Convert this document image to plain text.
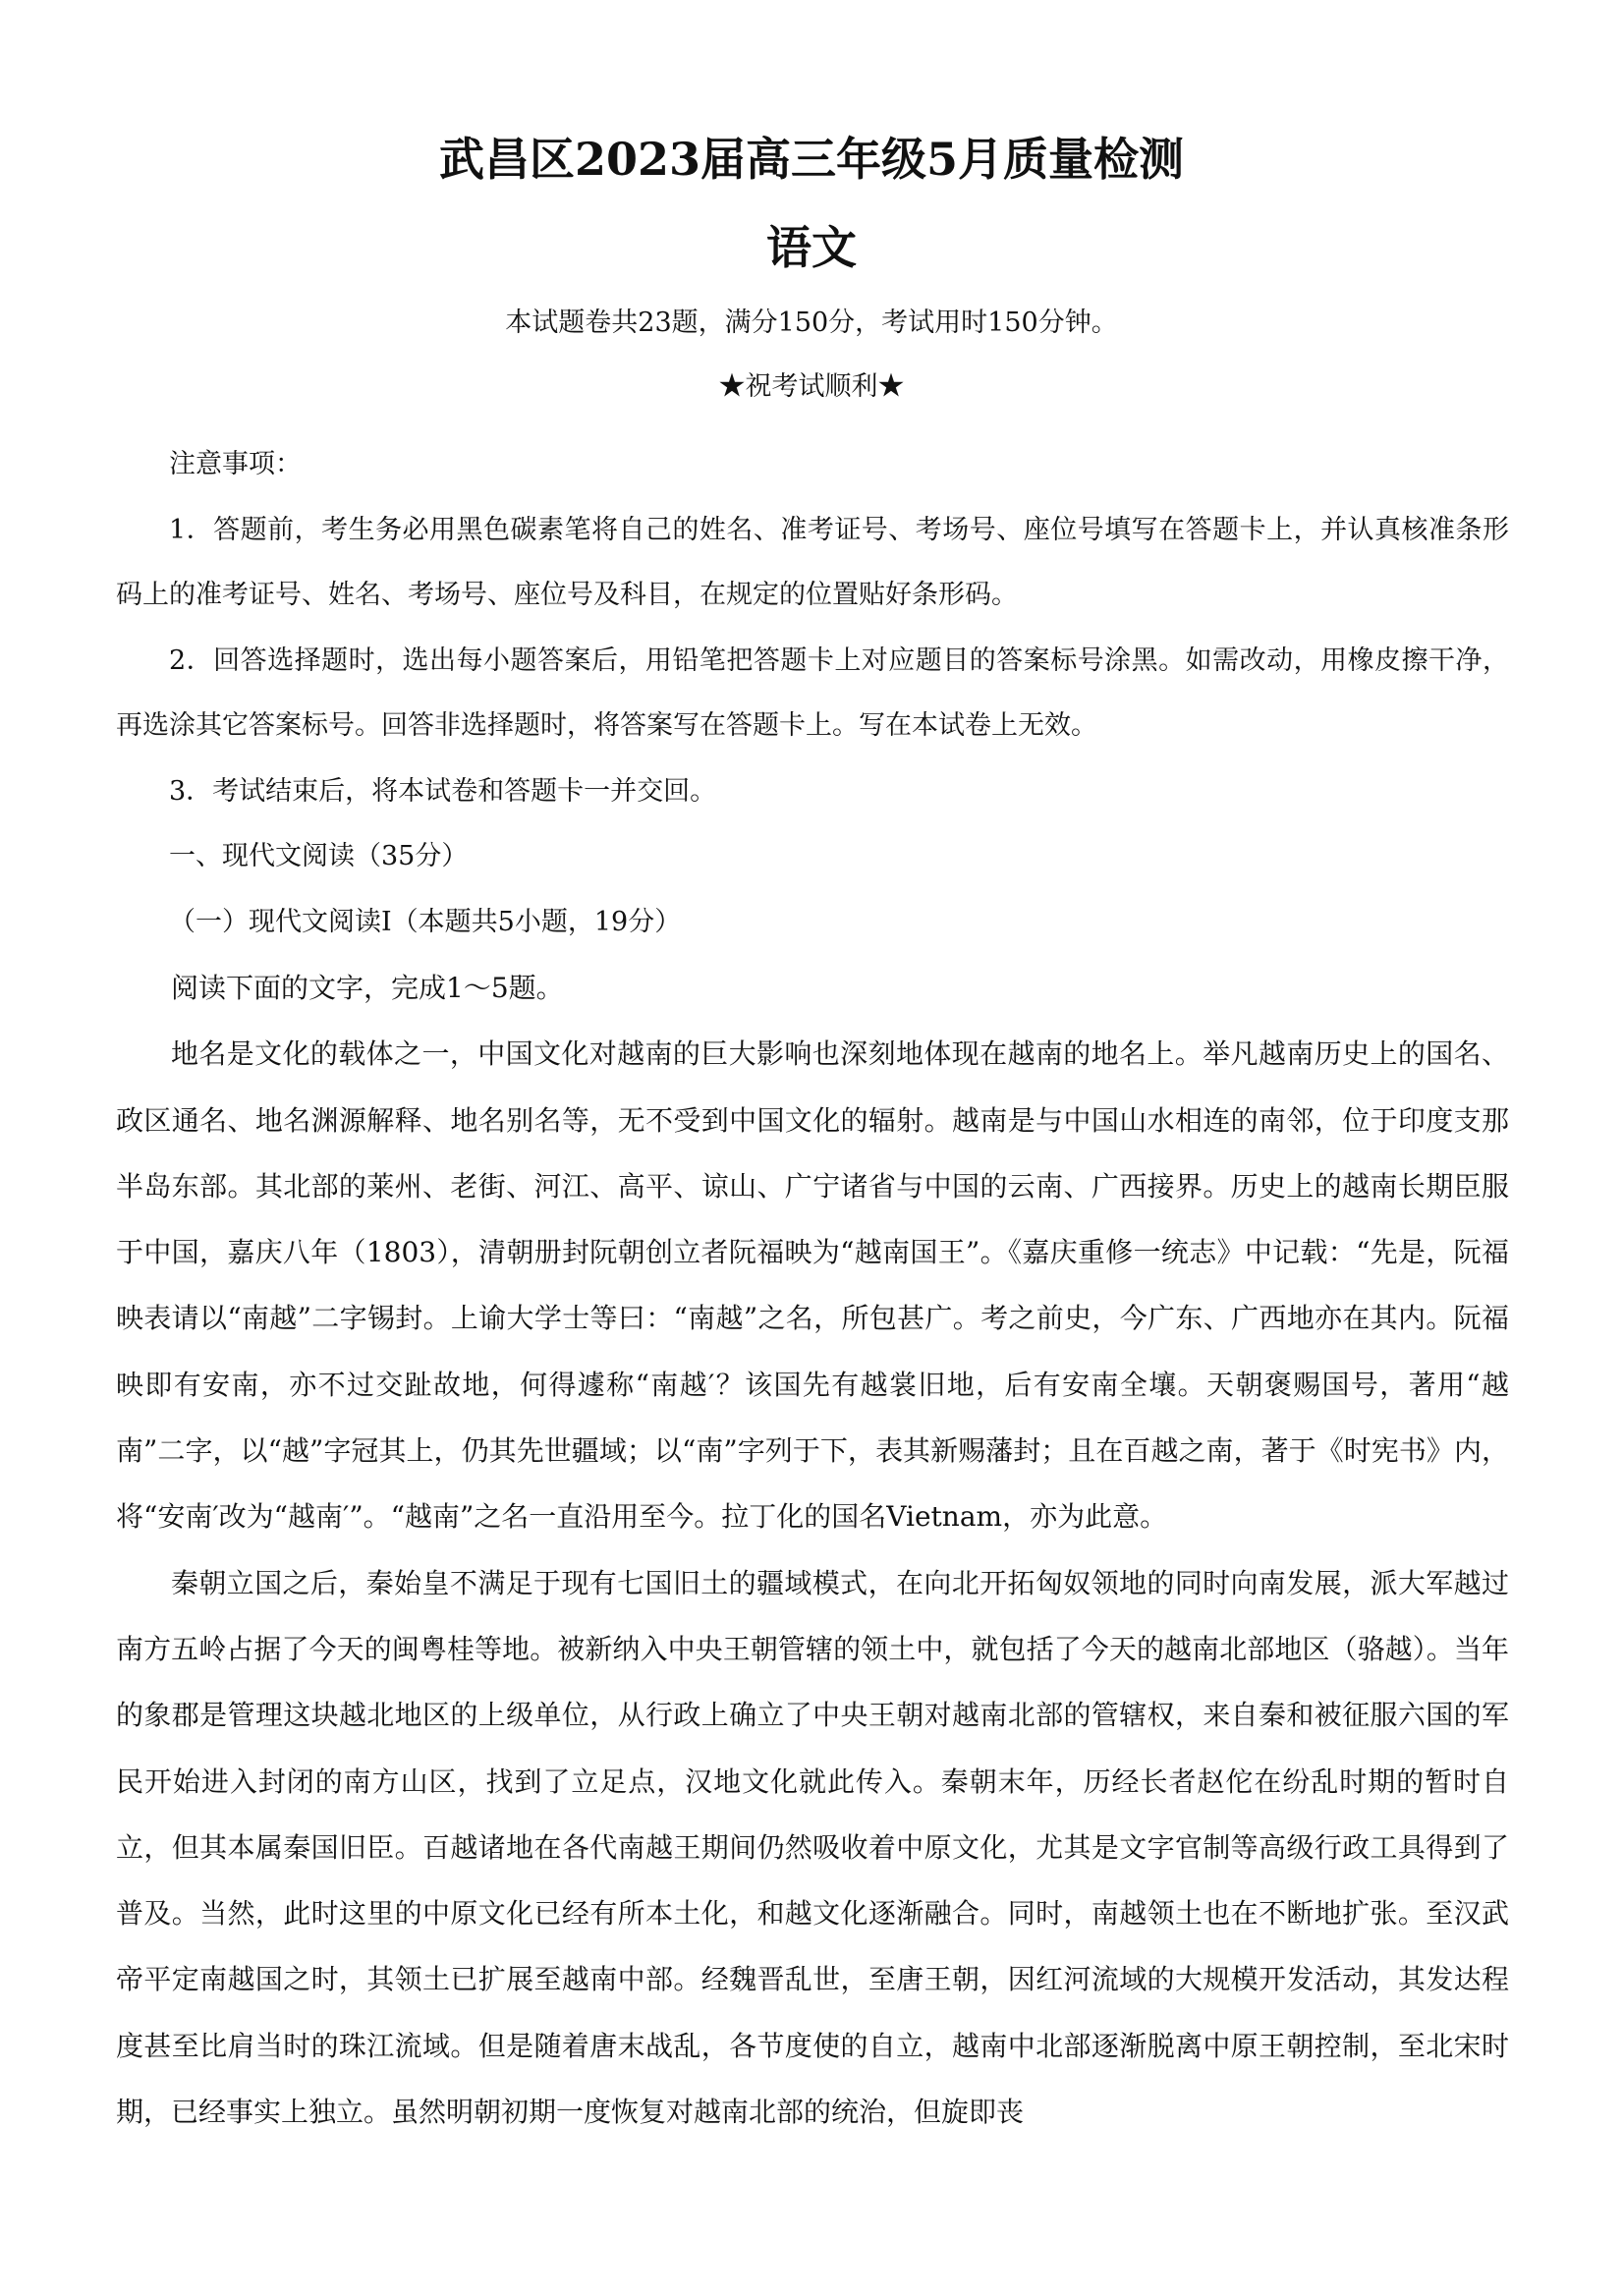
武昌区2023届高三年级5月质量检测
语文
本试题卷共23题，满分150分，考试用时150分钟。
★祝考试顺利★

注意事项：

1．答题前，考生务必用黑色碳素笔将自己的姓名、准考证号、考场号、座位号填写在答题卡上，并认真核准条形码上的准考证号、姓名、考场号、座位号及科目，在规定的位置贴好条形码。

2．回答选择题时，选出每小题答案后，用铅笔把答题卡上对应题目的答案标号涂黑。如需改动，用橡皮擦干净，再选涂其它答案标号。回答非选择题时，将答案写在答题卡上。写在本试卷上无效。

3．考试结束后，将本试卷和答题卡一并交回。

一、现代文阅读（35分）

（一）现代文阅读I（本题共5小题，19分）

阅读下面的文字，完成1～5题。

地名是文化的载体之一，中国文化对越南的巨大影响也深刻地体现在越南的地名上。举凡越南历史上的国名、政区通名、地名渊源解释、地名别名等，无不受到中国文化的辐射。越南是与中国山水相连的南邻，位于印度支那半岛东部。其北部的莱州、老街、河江、高平、谅山、广宁诸省与中国的云南、广西接界。历史上的越南长期臣服于中国，嘉庆八年（1803），清朝册封阮朝创立者阮福映为“越南国王”。《嘉庆重修一统志》中记载：“先是，阮福映表请以“南越”二字锡封。上谕大学士等曰：“南越”之名，所包甚广。考之前史，今广东、广西地亦在其内。阮福映即有安南，亦不过交趾故地，何得遽称“南越′？该国先有越裳旧地，后有安南全壤。天朝褒赐国号，著用“越南”二字，以“越”字冠其上，仍其先世疆域；以“南”字列于下，表其新赐藩封；且在百越之南，著于《时宪书》内，将“安南′改为“越南′”。“越南”之名一直沿用至今。拉丁化的国名Vietnam，亦为此意。

秦朝立国之后，秦始皇不满足于现有七国旧土的疆域模式，在向北开拓匈奴领地的同时向南发展，派大军越过南方五岭占据了今天的闽粤桂等地。被新纳入中央王朝管辖的领土中，就包括了今天的越南北部地区（骆越）。当年的象郡是管理这块越北地区的上级单位，从行政上确立了中央王朝对越南北部的管辖权，来自秦和被征服六国的军民开始进入封闭的南方山区，找到了立足点，汉地文化就此传入。秦朝末年，历经长者赵佗在纷乱时期的暂时自立，但其本属秦国旧臣。百越诸地在各代南越王期间仍然吸收着中原文化，尤其是文字官制等高级行政工具得到了普及。当然，此时这里的中原文化已经有所本土化，和越文化逐渐融合。同时，南越领土也在不断地扩张。至汉武帝平定南越国之时，其领土已扩展至越南中部。经魏晋乱世，至唐王朝，因红河流域的大规模开发活动，其发达程度甚至比肩当时的珠江流域。但是随着唐末战乱，各节度使的自立，越南中北部逐渐脱离中原王朝控制，至北宋时期，已经事实上独立。虽然明朝初期一度恢复对越南北部的统治，但旋即丧
